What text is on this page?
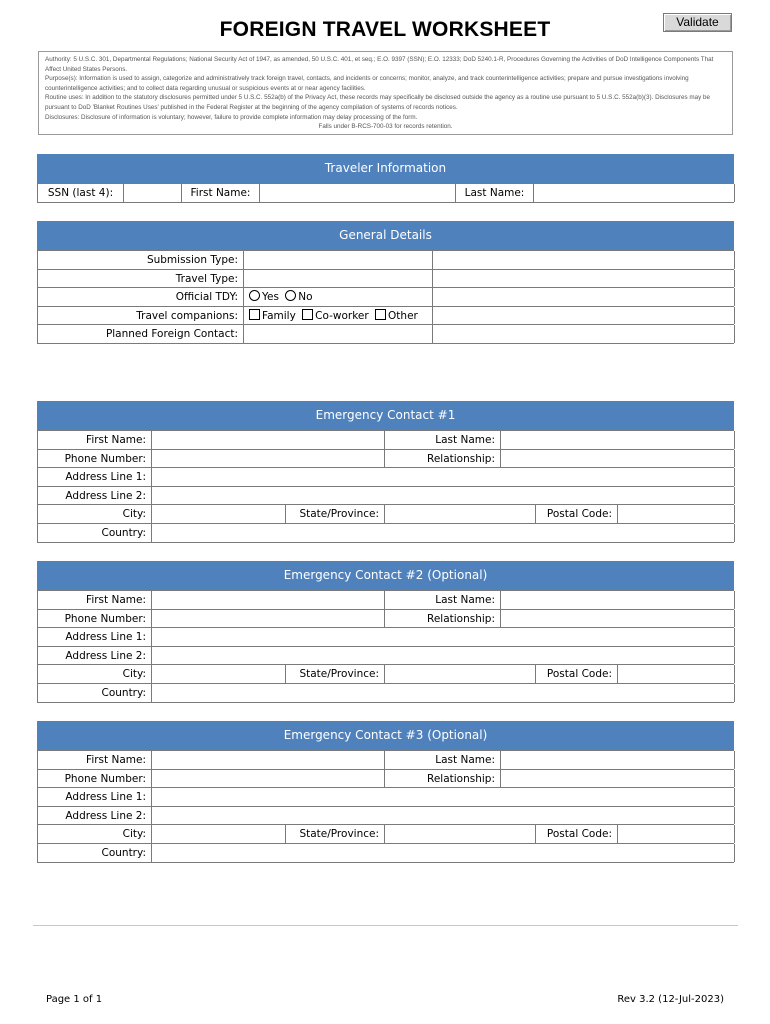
FOREIGN TRAVEL WORKSHEET	Validate

Authority: 5 U.S.C. 301, Departmental Regulations; National Security Act of 1947, as amended, 50 U.S.C. 401, et seq.; E.O. 9397 (SSN); E.O. 12333; DoD 5240.1-R, Procedures Governing the Activities of DoD Intelligence Components That Affect United States Persons.

Purpose(s): Information is used to assign, categorize and administratively track foreign travel, contacts, and incidents or concerns; monitor, analyze, and track counterintelligence activities; prepare and pursue investigations involving counterintelligence activities; and to collect data regarding unusual or suspicious events at or near agency facilities.

Routine uses: In addition to the statutory disclosures permitted under 5 U.S.C. 552a(b) of the Privacy Act, these records may specifically be disclosed outside the agency as a routine use pursuant to 5 U.S.C. 552a(b)(3). Disclosures may be pursuant to DoD 'Blanket Routines Uses' published in the Federal Register at the beginning of the agency compilation of systems of records notices.

Disclosures: Disclosure of information is voluntary; however, failure to provide complete information may delay processing of the form.

Falls under B-RCS-700-03 for records retention.

Traveler Information
SSN (last 4):	First Name:	Last Name:
General Details
Submission Type:
Travel Type:
Official TDY:	Yes No
Travel companions:	Family Co-worker Other
Planned Foreign Contact:
Emergency Contact #1
First Name:	Last Name:
Phone Number:	Relationship:
Address Line 1:
Address Line 2:
City:	State/Province:	Postal Code:
Country:
Emergency Contact #2 (Optional)
First Name:	Last Name:
Phone Number:	Relationship:
Address Line 1:
Address Line 2:
City:	State/Province:	Postal Code:
Country:
Emergency Contact #3 (Optional)
First Name:	Last Name:
Phone Number:	Relationship:
Address Line 1:
Address Line 2:
City:	State/Province:	Postal Code:
Country:
Page 1 of 1	Rev 3.2 (12-Jul-2023)
